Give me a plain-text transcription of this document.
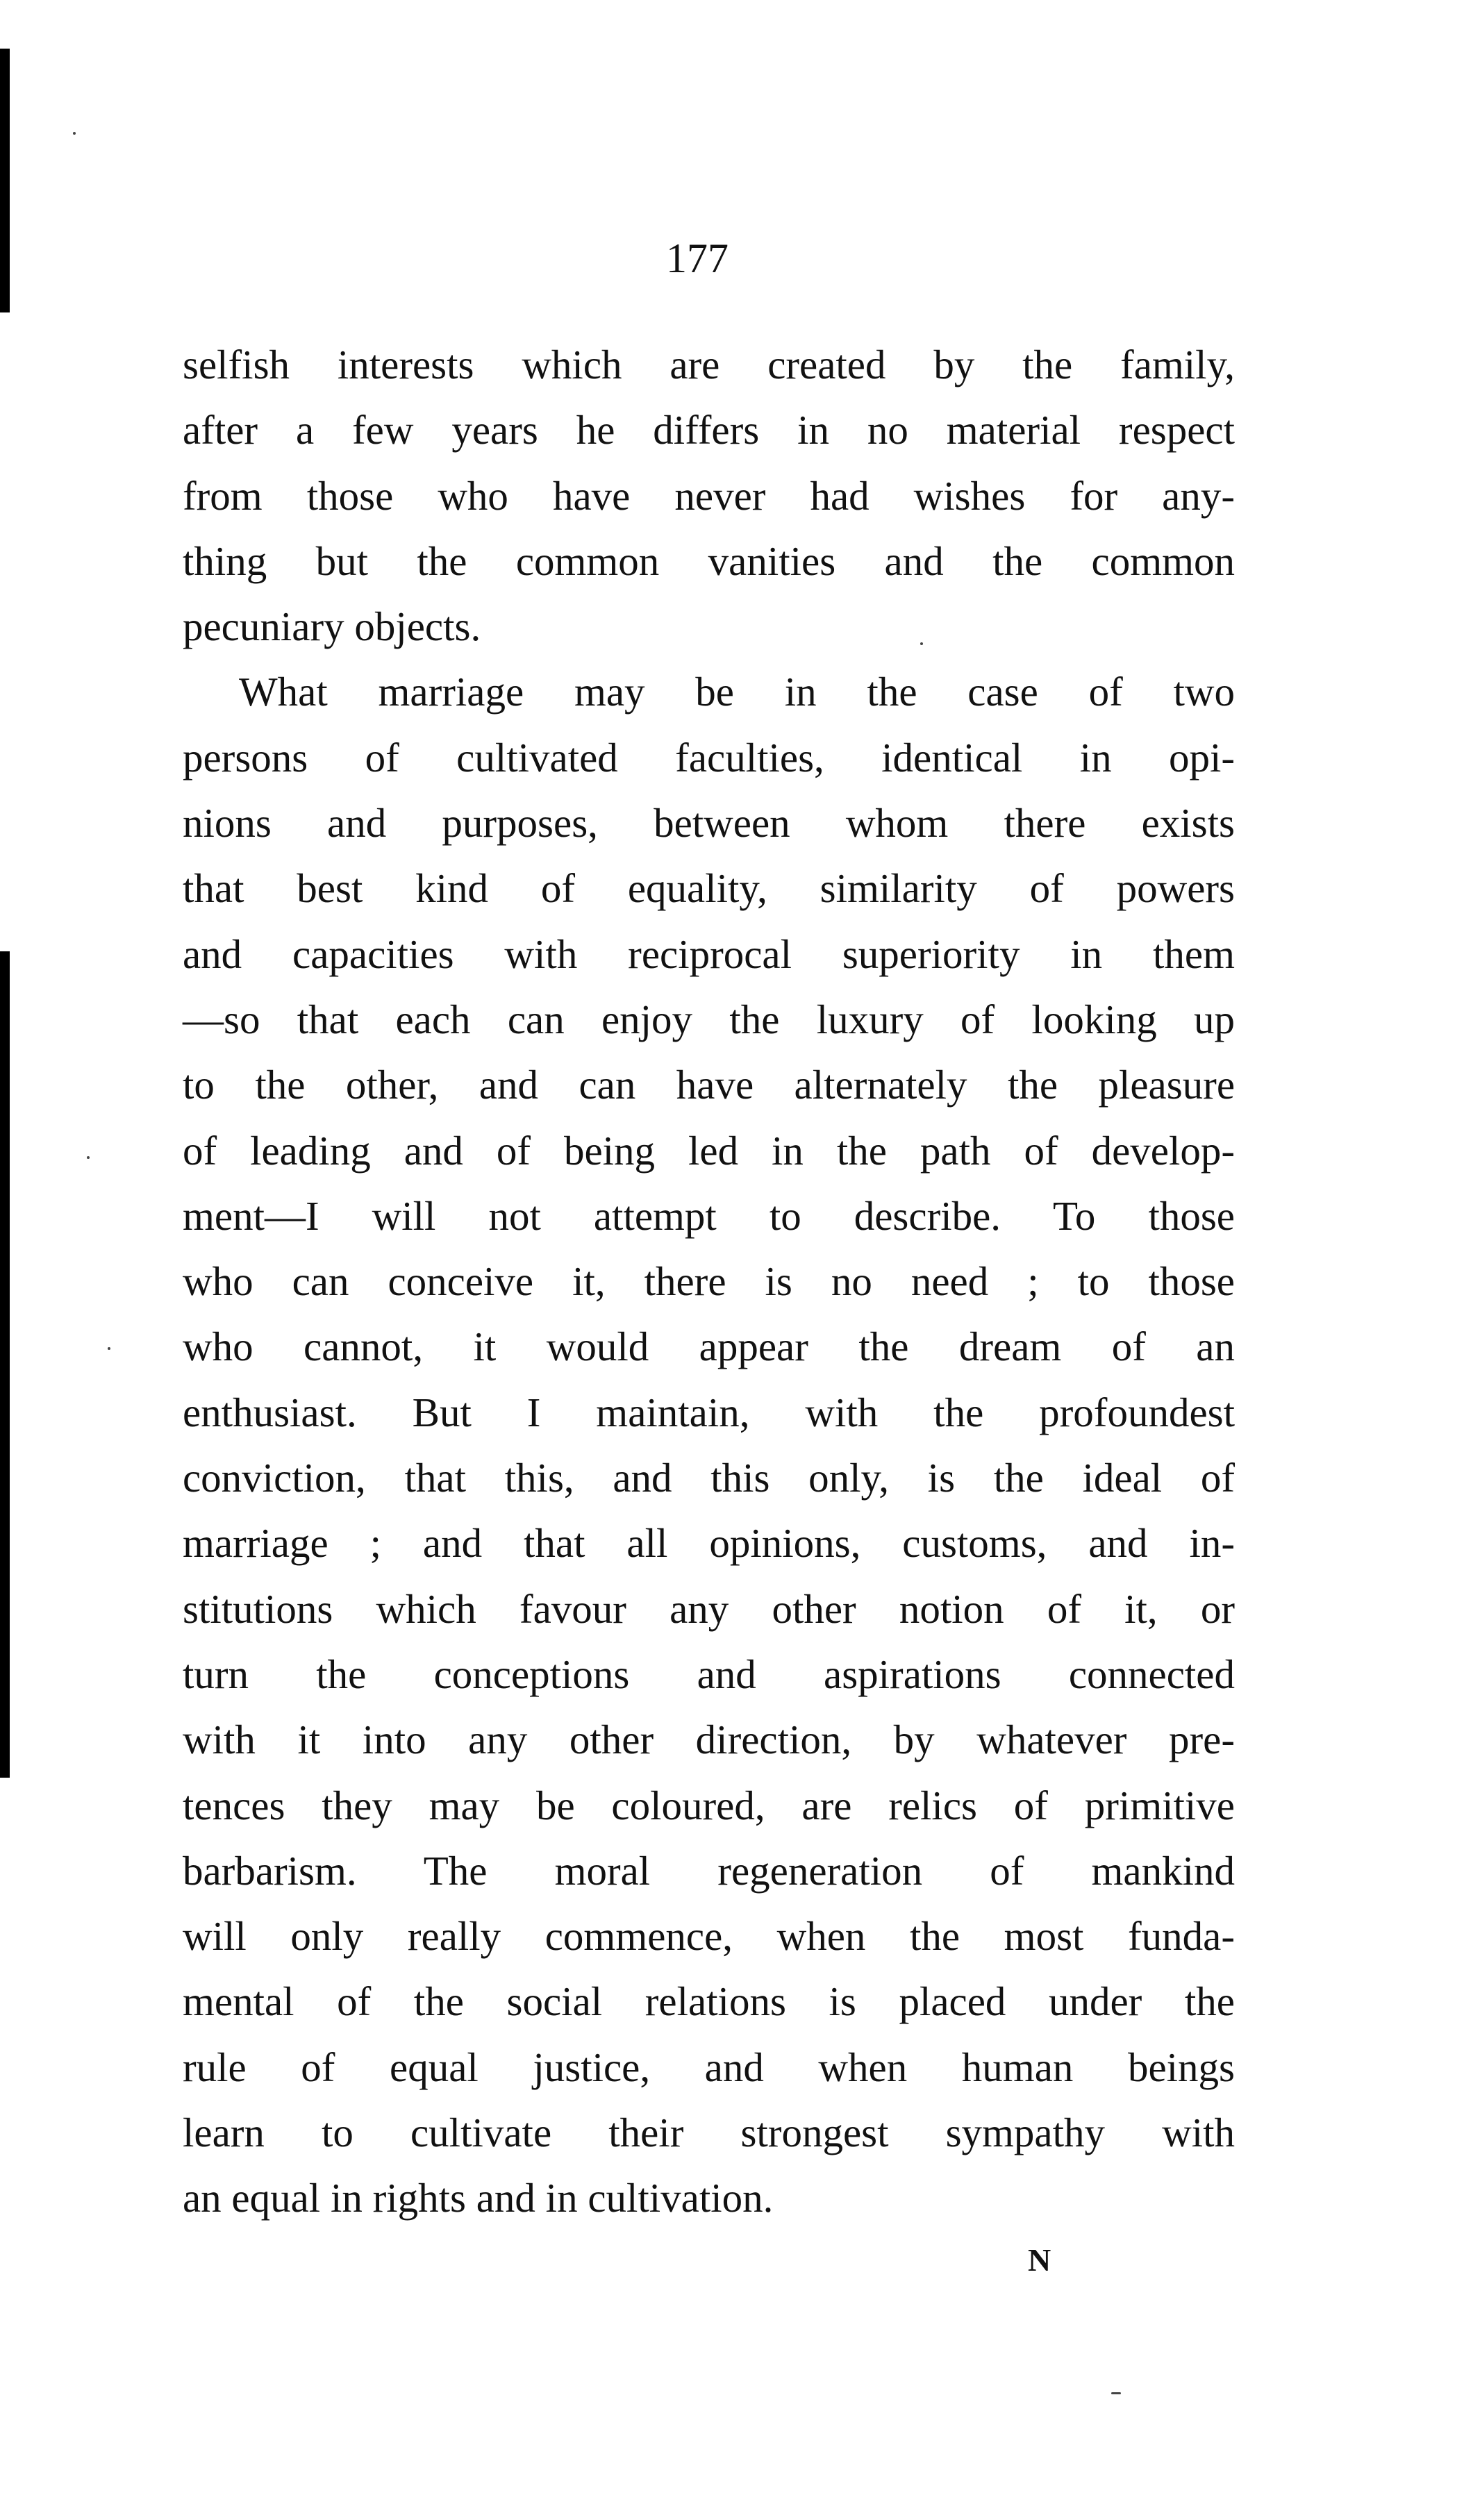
177
selfish interests which are created by the family,
after a few years he differs in no material respect
from those who have never had wishes for any-
thing but the common vanities and the common
pecuniary objects.
What marriage may be in the case of two
persons of cultivated faculties, identical in opi-
nions and purposes, between whom there exists
that best kind of equality, similarity of powers
and capacities with reciprocal superiority in them
—so that each can enjoy the luxury of looking up
to the other, and can have alternately the pleasure
of leading and of being led in the path of develop-
ment—I will not attempt to describe. To those
who can conceive it, there is no need ; to those
who cannot, it would appear the dream of an
enthusiast. But I maintain, with the profoundest
conviction, that this, and this only, is the ideal of
marriage ; and that all opinions, customs, and in-
stitutions which favour any other notion of it, or
turn the conceptions and aspirations connected
with it into any other direction, by whatever pre-
tences they may be coloured, are relics of primitive
barbarism. The moral regeneration of mankind
will only really commence, when the most funda-
mental of the social relations is placed under the
rule of equal justice, and when human beings
learn to cultivate their strongest sympathy with
an equal in rights and in cultivation.
N
